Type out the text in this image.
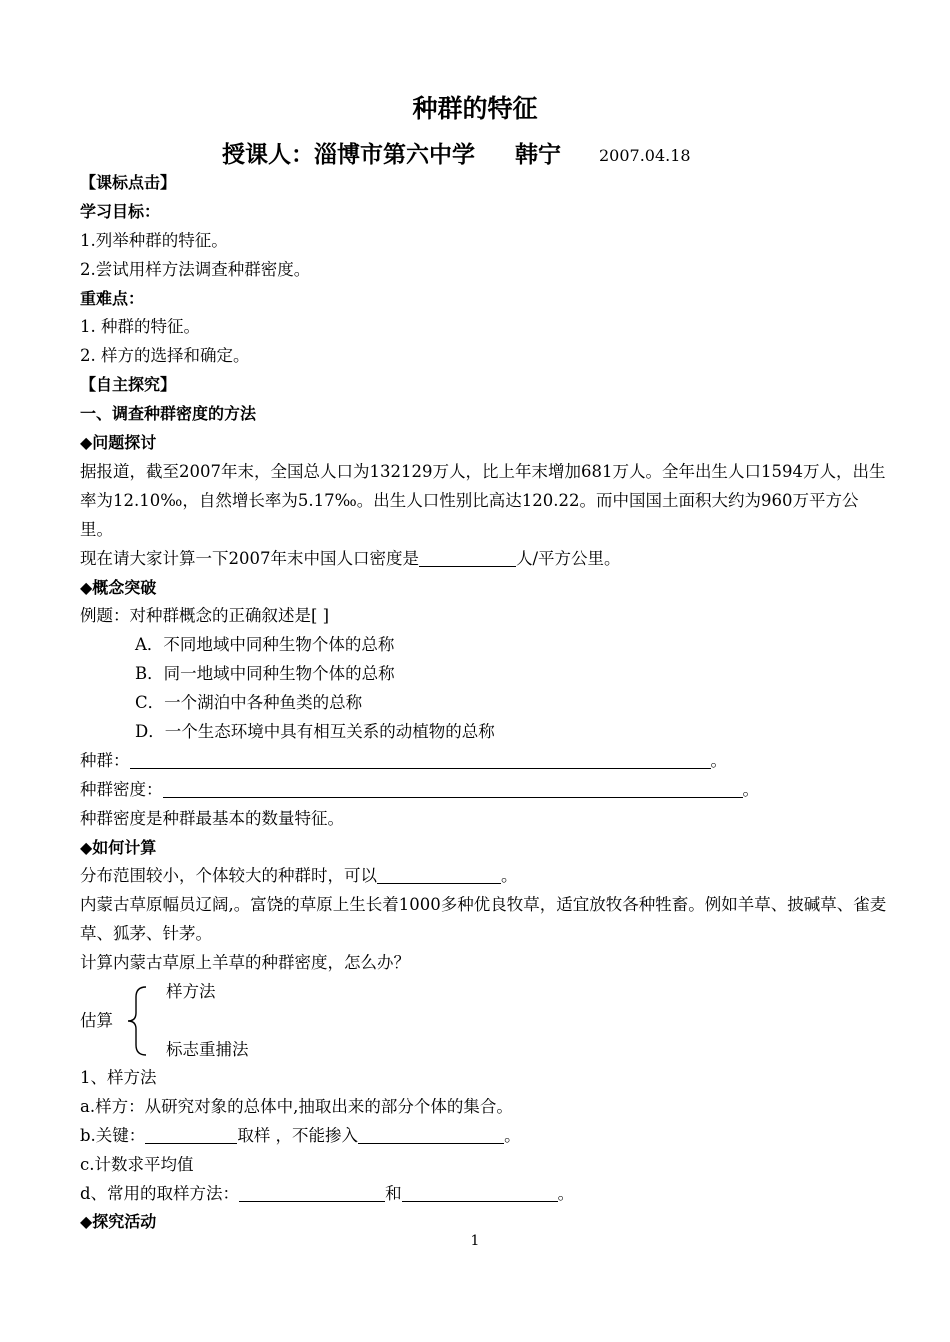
种群的特征
授课人：淄博市第六中学 韩宁 2007.04.18
【课标点击】
学习目标：
1.列举种群的特征。
2.尝试用样方法调查种群密度。
重难点：
1. 种群的特征。
2. 样方的选择和确定。
【自主探究】
一、调查种群密度的方法
◆问题探讨
据报道，截至2007年末，全国总人口为132129万人，比上年末增加681万人。全年出生人口1594万人，出生率为12.10‰，自然增长率为5.17‰。出生人口性别比高达120.22。而中国国土面积大约为960万平方公里。
现在请大家计算一下2007年末中国人口密度是	人/平方公里。
◆概念突破
例题：对种群概念的正确叙述是[ ]
A．不同地域中同种生物个体的总称
B．同一地域中同种生物个体的总称
C．一个湖泊中各种鱼类的总称
D．一个生态环境中具有相互关系的动植物的总称
种群：	。
种群密度：	。
种群密度是种群最基本的数量特征。
◆如何计算
分布范围较小，个体较大的种群时，可以	。
内蒙古草原幅员辽阔,。富饶的草原上生长着1000多种优良牧草，适宜放牧各种牲畜。例如羊草、披碱草、雀麦草、狐茅、针茅。
计算内蒙古草原上羊草的种群密度，怎么办？
估算
样方法
标志重捕法
1、样方法
a.样方：从研究对象的总体中,抽取出来的部分个体的集合。
b.关键：	取样 ，不能掺入	。
c.计数求平均值
d、常用的取样方法：	和	。
◆探究活动
1
